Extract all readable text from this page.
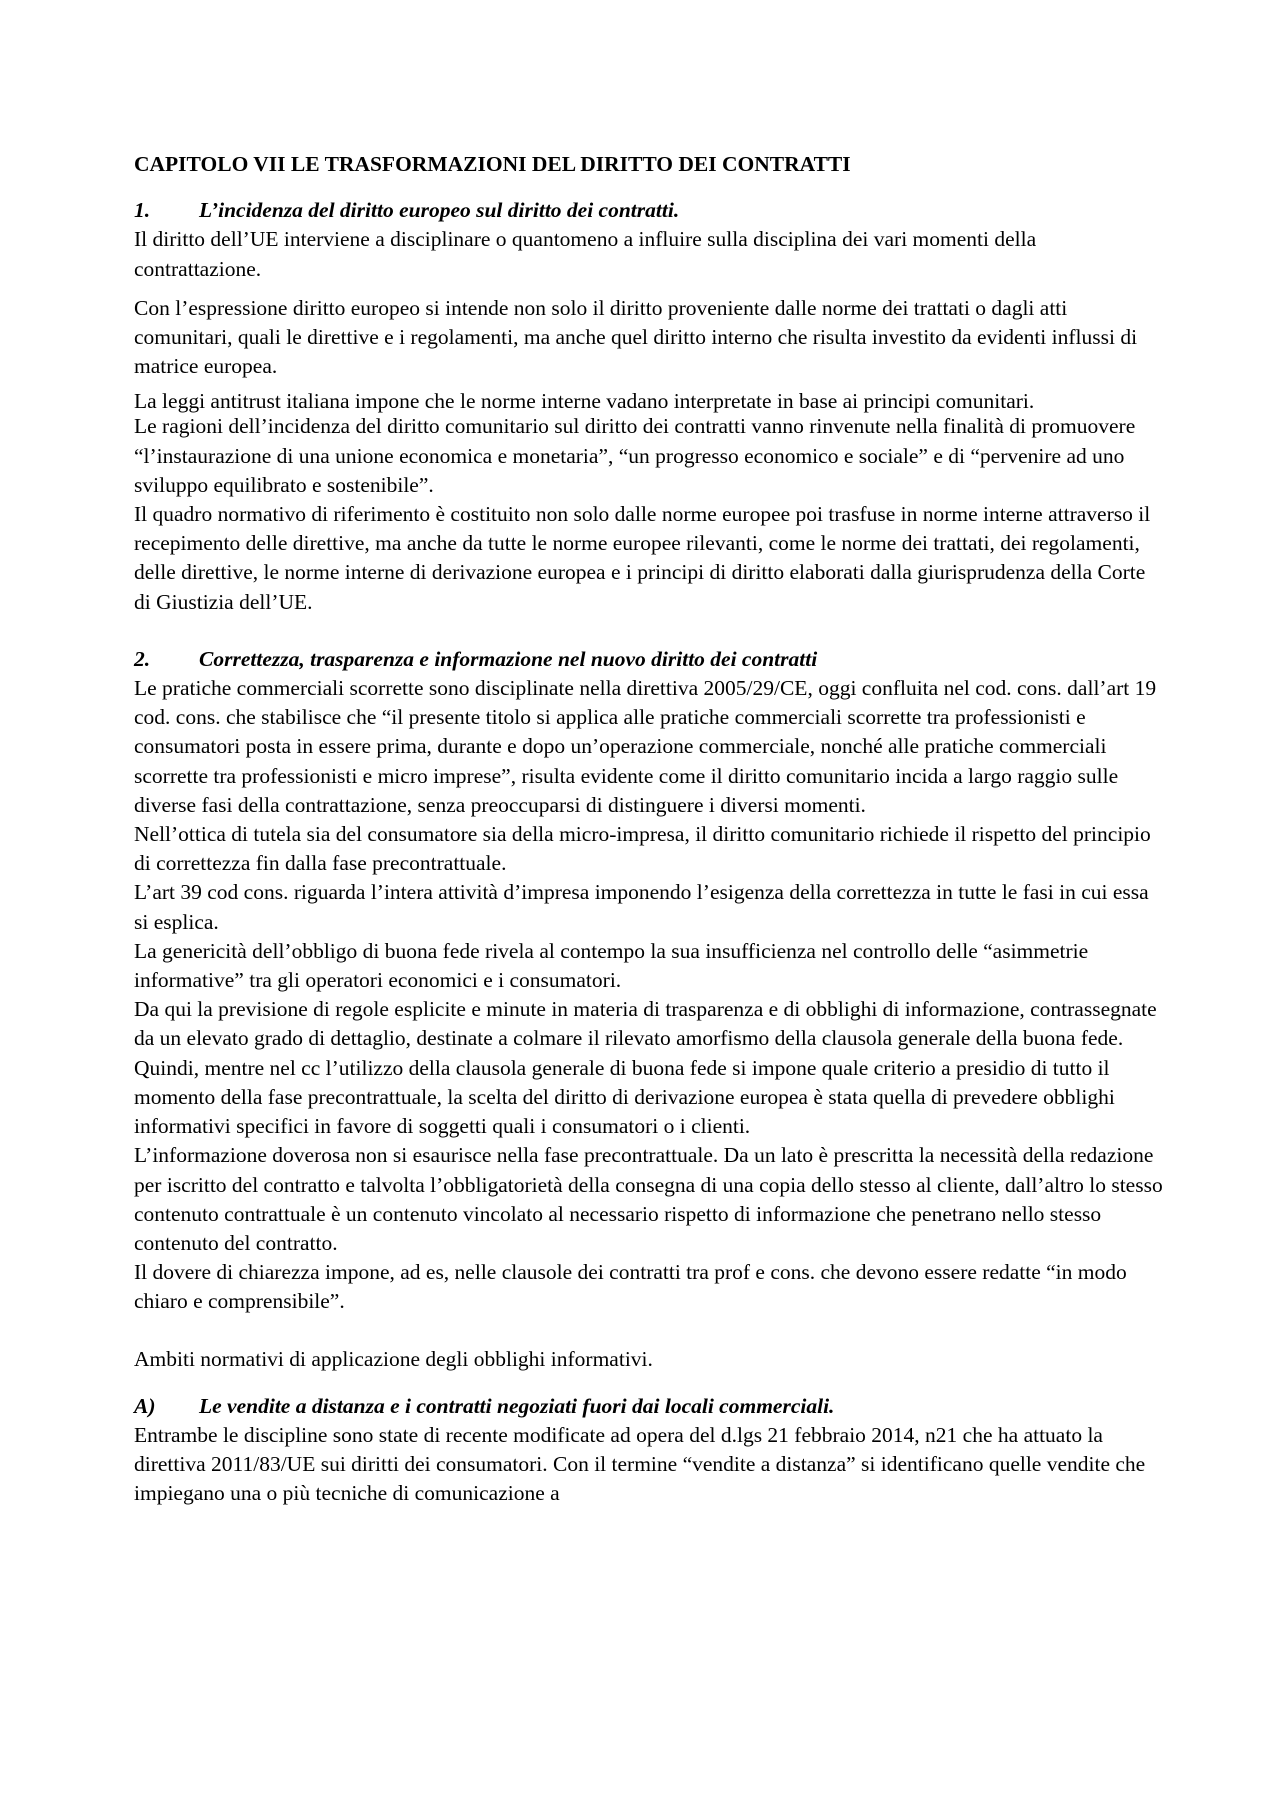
CAPITOLO VII LE TRASFORMAZIONI DEL DIRITTO DEI CONTRATTI
1.	L’incidenza del diritto europeo sul diritto dei contratti.

Il diritto dell’UE interviene a disciplinare o quantomeno a influire sulla disciplina dei vari momenti della contrattazione.

Con l’espressione diritto europeo si intende non solo il diritto proveniente dalle norme dei trattati o dagli atti comunitari, quali le direttive e i regolamenti, ma anche quel diritto interno che risulta investito da evidenti influssi di matrice europea.

La leggi antitrust italiana impone che le norme interne vadano interpretate in base ai principi comunitari.

Le ragioni dell’incidenza del diritto comunitario sul diritto dei contratti vanno rinvenute nella finalità di promuovere “l’instaurazione di una unione economica e monetaria”, “un progresso economico e sociale” e di “pervenire ad uno sviluppo equilibrato e sostenibile”.

Il quadro normativo di riferimento è costituito non solo dalle norme europee poi trasfuse in norme interne attraverso il recepimento delle direttive, ma anche da tutte le norme europee rilevanti, come le norme dei trattati, dei regolamenti, delle direttive, le norme interne di derivazione europea e i principi di diritto elaborati dalla giurisprudenza della Corte di Giustizia dell’UE.

2.	Correttezza, trasparenza e informazione nel nuovo diritto dei contratti

Le pratiche commerciali scorrette sono disciplinate nella direttiva 2005/29/CE, oggi confluita nel cod. cons. dall’art 19 cod. cons. che stabilisce che “il presente titolo si applica alle pratiche commerciali scorrette tra professionisti e consumatori posta in essere prima, durante e dopo un’operazione commerciale, nonché alle pratiche commerciali scorrette tra professionisti e micro imprese”, risulta evidente come il diritto comunitario incida a largo raggio sulle diverse fasi della contrattazione, senza preoccuparsi di distinguere i diversi momenti.

Nell’ottica di tutela sia del consumatore sia della micro-impresa, il diritto comunitario richiede il rispetto del principio di correttezza fin dalla fase precontrattuale.

L’art 39 cod cons. riguarda l’intera attività d’impresa imponendo l’esigenza della correttezza in tutte le fasi in cui essa si esplica.

La genericità dell’obbligo di buona fede rivela al contempo la sua insufficienza nel controllo delle “asimmetrie informative” tra gli operatori economici e i consumatori.

Da qui la previsione di regole esplicite e minute in materia di trasparenza e di obblighi di informazione, contrassegnate da un elevato grado di dettaglio, destinate a colmare il rilevato amorfismo della clausola generale della buona fede.

Quindi, mentre nel cc l’utilizzo della clausola generale di buona fede si impone quale criterio a presidio di tutto il momento della fase precontrattuale, la scelta del diritto di derivazione europea è stata quella di prevedere obblighi informativi specifici in favore di soggetti quali i consumatori o i clienti.

L’informazione doverosa non si esaurisce nella fase precontrattuale. Da un lato è prescritta la necessità della redazione per iscritto del contratto e talvolta l’obbligatorietà della consegna di una copia dello stesso al cliente, dall’altro lo stesso contenuto contrattuale è un contenuto vincolato al necessario rispetto di informazione che penetrano nello stesso contenuto del contratto.

Il dovere di chiarezza impone, ad es, nelle clausole dei contratti tra prof e cons. che devono essere redatte “in modo chiaro e comprensibile”.

Ambiti normativi di applicazione degli obblighi informativi.

A)	Le vendite a distanza e i contratti negoziati fuori dai locali commerciali.

Entrambe le discipline sono state di recente modificate ad opera del d.lgs 21 febbraio 2014, n21 che ha attuato la direttiva 2011/83/UE sui diritti dei consumatori. Con il termine “vendite a distanza” si identificano quelle vendite che impiegano una o più tecniche di comunicazione a
